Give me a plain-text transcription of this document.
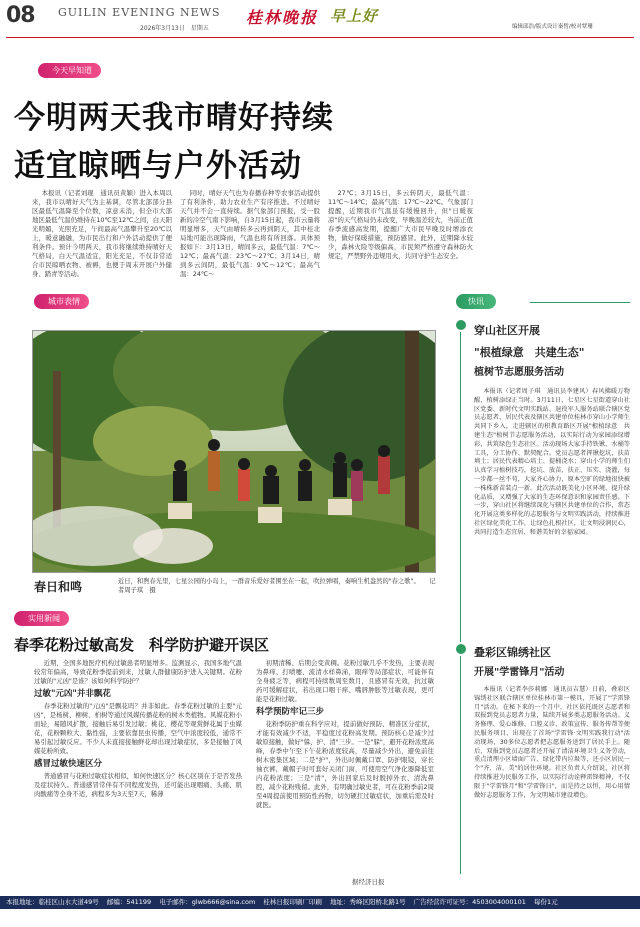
08 GUILIN EVENING NEWS
2026年3月13日　星期五
桂林晚报 早上好
编辑邱浩/版式设计秦皙/校对覃珊
今天早知道
今明两天我市晴好持续
适宜晾晒与户外活动
本报讯（记者刘琨　通讯员黄颖）进入本周以来，我市以晴好天气为主基调，尽管北部部分县区最低气温降至个位数，凉意未消，但全市大部地区最低气温仍维持在10℃至12℃之间，白天阳光明媚，光照充足，午间最高气温攀升至20℃以上，暖意融融，为市民出行和户外活动提供了便利条件。预计今明两天，我市将继续维持晴好天气格局，白天气温适宜，阳光充足，不仅非常适合市民晾晒衣物、被褥，也便于周末开展户外健身、踏青等活动。
同时，晴好天气也为春播春种等农事活动提供了有利条件，助力农业生产有序推进。不过晴好天气并不会一直持续。据气象部门预报，受一股新的冷空气南下影响，自3月15日起，我市云量将明显增多，天气由晴转多云再到阴天，其中桂北局地可能出现降雨，气温也将有所回落。具体预报如下：3月13日，晴间多云，最低气温：7℃～12℃；最高气温：23℃～27℃；3月14日，晴到多云间阴，最低气温：9℃～12℃；最高气温：24℃～
27℃；3月15日，多云转阴天，最低气温：11℃～14℃；最高气温：17℃～22℃。气象部门提醒，近期我市气温虽有缓慢回升，但"日暖夜凉"的天气格局仍未改变，早晚温差较大，当前正值春季流感高发期，提醒广大市民早晚及时增添衣物，做好保暖措施，预防感冒。此外，近期降水较少，森林火险等级偏高，市民须严格遵守森林防火规定，严禁野外违规用火，共同守护生态安全。
城市表情
春日和鸣	近日，和煦春光里，七星公园的小岛上，一群音乐爱好者围坐在一起，吹拉弹唱，奏响生机盎然的"春之歌"。　　记者周子琪　摄
实用新闻
春季花粉过敏高发　科学防护避开误区

近期，全国多地医疗机构过敏患者明显增多。监测显示，我国多地气温较常年偏高，导致花粉季提前到来，过敏人群健康防护进入关键期。花粉过敏的"元凶"是谁？该如何科学防护？

过敏"元凶"并非飘花

春季花粉过敏的"元凶"是飘花吗？并非如此。春季花粉过敏的主要"元凶"，是杨树、柳树、柏树等通过风媒传播花粉的树木类植物。风媒花粉小而轻，易随风扩散，接触后易引发过敏；桃花、樱花等观赏鲜花属于虫媒花，花粉颗粒大、黏性强，主要依靠昆虫传播，空气中浓度较低，通常不易引起过敏反应。不少人未直接接触鲜花却出现过敏症状，多是接触了风媒花粉所致。

感冒过敏快速区分

普通感冒与花粉过敏症状相似，如何快速区分？核心区别在于是否发热及症状持久。普通感冒常伴有不同程度发热，还可能出现咽痛、头痛、肌肉酸痛等全身不适，病程多为3天至7天，稀薄

初期清稀、后期会变黄稠。花粉过敏几乎不发热，主要表现为鼻痒、打喷嚏、流清水样鼻涕，眼痒等局部症状，可能伴有全身疲乏等，病程可持续数周至数月，且感冒有无效，抗过敏药可缓解症状，若出现口咽干痒、嘴唇肿胀等过敏表现，更可能是花粉过敏。

科学预防牢记三步

花粉季防护重在科学应对，提前做好预防、精准区分症状，才能有效减少不适，平稳度过花粉高发期。预防核心是减少过敏原接触，做好"躲、护、清"三步。一是"躲"，避开花粉浓度高峰，春季中午至下午花粉浓度较高，尽量减少外出，避免前往树木密集区域；二是"护"，外出时佩戴口罩、防护眼镜，穿长袖衣裤，戴帽子时可套好关闭门窗，可使用空气净化器降低室内花粉浓度；三是"清"，外出回家后及时脱掉外衣、清洗鼻腔，减少花粉残留。此外，有明确过敏史者，可在花粉季前2周至4周提前使用预防性药物，切勿硬扛过敏症状，加重后需及时就医。

据经济日报
快讯
穿山社区开展
"根植绿意　共建生态"
植树节志愿服务活动
本报讯（记者周子琪　通讯员李建风）春风拂暖万物醒，植树添绿正当时。3月11日，七星区七星街道穿山社区党委、新时代文明实践站、退役军人服务站联合辖区党员志愿者、居民代表及辖区共建单位桂林市穿山小学师生共同下乡入，走进辖区的积教育路区开展"根植绿意　共建生态"植树节志愿服务活动，以实际行动为家园添绿增彩，共筑绿色生态社区。活动现场大家手持铁锹、水桶等工具，分工协作、默契配合。党员志愿者挥锹挖坑，扶苗填土；居民代表精心培土、提桶浇水；穿山小学的师生们认真学习植树技巧，挖坑、放苗、扶正、压实、浇灌，每一步都一丝不苟，大家齐心协力，原本空旷的绿地很快被一株株新苗装点一新。此次活动既美化小区环境、提升绿化品质，又增强了大家的生态环保意识和家园责任感。下一步，穿山社区将继续深化与辖区共建单位的合作，常态化开展这类多样化的志愿服务与文明实践活动，持续推进社区绿化美化工作，让绿色扎根社区，让文明浸润民心，共同打造生态宜居、和谐美好的幸福家园。
叠彩区锦绣社区
开展"学雷锋月"活动
本报讯（记者李莎莉娜　通讯员吉慧）日前，叠彩区锦绣社区联合辖区单位桂林市第一模具，开展了"学雷锋月"活动。在秘下来的一个月中，社区依托既区志愿者和双报到党员志愿者力量，陆续开展多类志愿服务活动。义务修理、爱心维修、口腔义诊、政策宣传、服务传帮等便民服务项目，出现在了首场"学雷锋·文明实践我行动"活动现场，30多位志愿者把志愿服务送到了居民手上。随后，双报到党员志愿者还开展了清洁环境卫生义务劳动，重点清理小区墙面广告、绿化带内垃圾等，还小区居民一个"齐、洁、美"的居住环境。社区负责人介绍说，社区将持续推进为民服务工作，以实际行动诠释雷锋精神，不仅限于"学雷锋月"和"学雷锋日"，而是持之以恒，用心用情做好志愿服务工作，为文明城市建设增色。
本报地址：临桂区山水大道49号 邮编：541199 电子邮件：glwb666@sina.com 桂林日报印刷厂印刷 地址：秀峰区阳桥北路1号 广告经营许可证号：4503004000101 每份1元
